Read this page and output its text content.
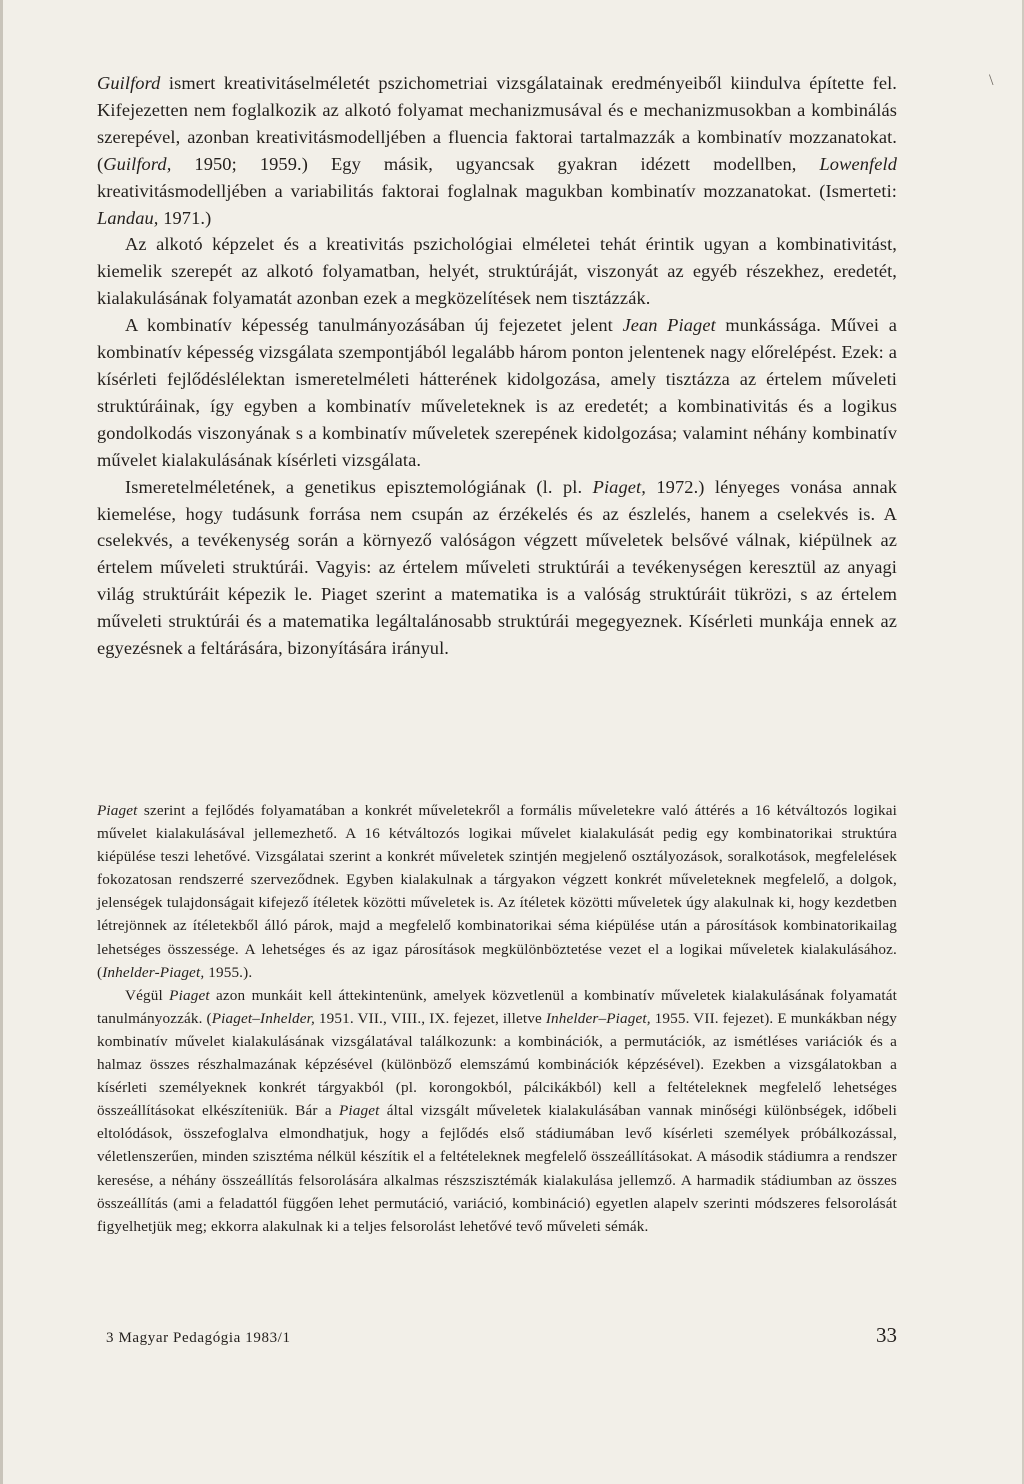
\

Guilford ismert kreativitáselméletét pszichometriai vizsgálatainak eredményeiből kiindulva építette fel. Kifejezetten nem foglalkozik az alkotó folyamat mechanizmusával és e mechanizmusokban a kombinálás szerepével, azonban kreativitásmodelljében a fluencia faktorai tartalmazzák a kombinatív mozzanatokat. (Guilford, 1950; 1959.) Egy másik, ugyancsak gyakran idézett modellben, Lowenfeld kreativitásmodelljében a variabilitás faktorai foglalnak magukban kombinatív mozzanatokat. (Ismerteti: Landau, 1971.)

Az alkotó képzelet és a kreativitás pszichológiai elméletei tehát érintik ugyan a kombinativitást, kiemelik szerepét az alkotó folyamatban, helyét, struktúráját, viszonyát az egyéb részekhez, eredetét, kialakulásának folyamatát azonban ezek a megközelítések nem tisztázzák.

A kombinatív képesség tanulmányozásában új fejezetet jelent Jean Piaget munkássága. Művei a kombinatív képesség vizsgálata szempontjából legalább három ponton jelentenek nagy előrelépést. Ezek: a kísérleti fejlődéslélektan ismeretelméleti hátterének kidolgozása, amely tisztázza az értelem műveleti struktúráinak, így egyben a kombinatív műveleteknek is az eredetét; a kombinativitás és a logikus gondolkodás viszonyának s a kombinatív műveletek szerepének kidolgozása; valamint néhány kombinatív művelet kialakulásának kísérleti vizsgálata.

Ismeretelméletének, a genetikus episztemológiának (l. pl. Piaget, 1972.) lényeges vonása annak kiemelése, hogy tudásunk forrása nem csupán az érzékelés és az észlelés, hanem a cselekvés is. A cselekvés, a tevékenység során a környező valóságon végzett műveletek belsővé válnak, kiépülnek az értelem műveleti struktúrái. Vagyis: az értelem műveleti struktúrái a tevékenységen keresztül az anyagi világ struktúráit képezik le. Piaget szerint a matematika is a valóság struktúráit tükrözi, s az értelem műveleti struktúrái és a matematika legáltalánosabb struktúrái megegyeznek. Kísérleti munkája ennek az egyezésnek a feltárására, bizonyítására irányul.

Piaget szerint a fejlődés folyamatában a konkrét műveletekről a formális műveletekre való áttérés a 16 kétváltozós logikai művelet kialakulásával jellemezhető. A 16 kétváltozós logikai művelet kialakulását pedig egy kombinatorikai struktúra kiépülése teszi lehetővé. Vizsgálatai szerint a konkrét műveletek szintjén megjelenő osztályozások, soralkotások, megfelelések fokozatosan rendszerré szerveződnek. Egyben kialakulnak a tárgyakon végzett konkrét műveleteknek megfelelő, a dolgok, jelenségek tulajdonságait kifejező ítéletek közötti műveletek is. Az ítéletek közötti műveletek úgy alakulnak ki, hogy kezdetben létrejönnek az ítéletekből álló párok, majd a megfelelő kombinatorikai séma kiépülése után a párosítások kombinatorikailag lehetséges összessége. A lehetséges és az igaz párosítások megkülönböztetése vezet el a logikai műveletek kialakulásához. (Inhelder-Piaget, 1955.).

Végül Piaget azon munkáit kell áttekintenünk, amelyek közvetlenül a kombinatív műveletek kialakulásának folyamatát tanulmányozzák. (Piaget–Inhelder, 1951. VII., VIII., IX. fejezet, illetve Inhelder–Piaget, 1955. VII. fejezet). E munkákban négy kombinatív művelet kialakulásának vizsgálatával találkozunk: a kombinációk, a permutációk, az ismétléses variációk és a halmaz összes részhalmazának képzésével (különböző elemszámú kombinációk képzésével). Ezekben a vizsgálatokban a kísérleti személyeknek konkrét tárgyakból (pl. korongokból, pálcikákból) kell a feltételeknek megfelelő lehetséges összeállításokat elkészíteniük. Bár a Piaget által vizsgált műveletek kialakulásában vannak minőségi különbségek, időbeli eltolódások, összefoglalva elmondhatjuk, hogy a fejlődés első stádiumában levő kísérleti személyek próbálkozással, véletlenszerűen, minden szisztéma nélkül készítik el a feltételeknek megfelelő összeállításokat. A második stádiumra a rendszer keresése, a néhány összeállítás felsorolására alkalmas részszisztémák kialakulása jellemző. A harmadik stádiumban az összes összeállítás (ami a feladattól függően lehet permutáció, variáció, kombináció) egyetlen alapelv szerinti módszeres felsorolását figyelhetjük meg; ekkorra alakulnak ki a teljes felsorolást lehetővé tevő műveleti sémák.

3 Magyar Pedagógia 1983/1	33
